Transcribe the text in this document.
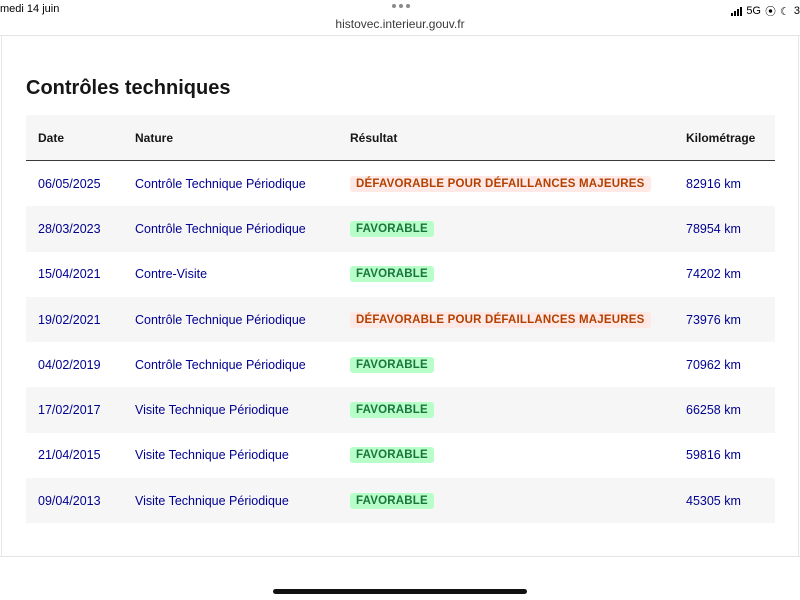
medi 14 juin	5G ⦿ ☾ 3
histovec.interieur.gouv.fr
Contrôles techniques
Date	Nature	Résultat	Kilométrage
06/05/2025	Contrôle Technique Périodique	DÉFAVORABLE POUR DÉFAILLANCES MAJEURES	82916 km
28/03/2023	Contrôle Technique Périodique	FAVORABLE	78954 km
15/04/2021	Contre-Visite	FAVORABLE	74202 km
19/02/2021	Contrôle Technique Périodique	DÉFAVORABLE POUR DÉFAILLANCES MAJEURES	73976 km
04/02/2019	Contrôle Technique Périodique	FAVORABLE	70962 km
17/02/2017	Visite Technique Périodique	FAVORABLE	66258 km
21/04/2015	Visite Technique Périodique	FAVORABLE	59816 km
09/04/2013	Visite Technique Périodique	FAVORABLE	45305 km
